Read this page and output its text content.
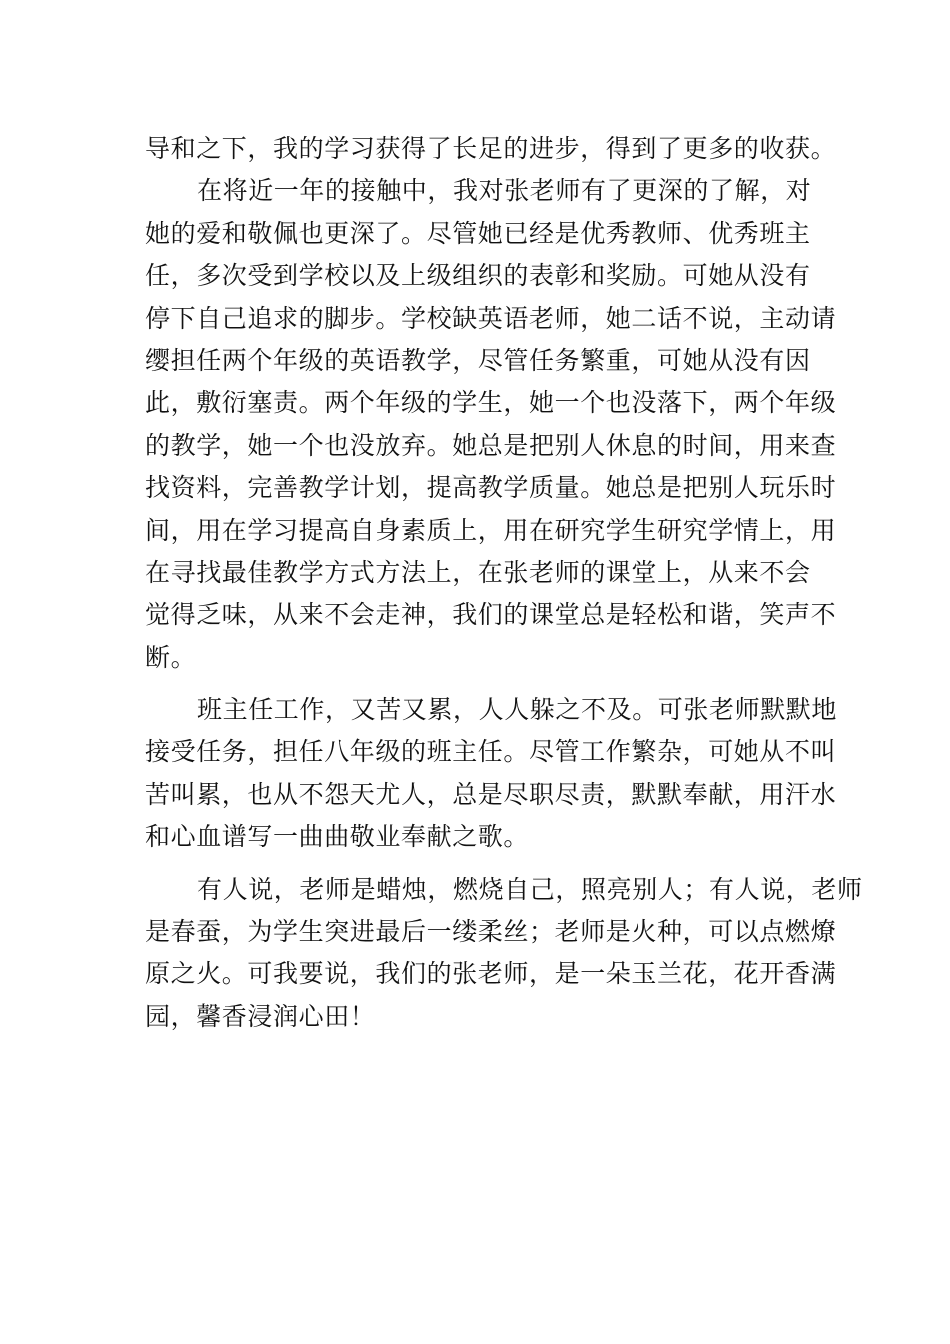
导和之下，我的学习获得了长足的进步，得到了更多的收获。
在将近一年的接触中，我对张老师有了更深的了解，对
她的爱和敬佩也更深了。尽管她已经是优秀教师、优秀班主
任，多次受到学校以及上级组织的表彰和奖励。可她从没有
停下自己追求的脚步。学校缺英语老师，她二话不说，主动请
缨担任两个年级的英语教学，尽管任务繁重，可她从没有因
此，敷衍塞责。两个年级的学生，她一个也没落下，两个年级
的教学，她一个也没放弃。她总是把别人休息的时间，用来查
找资料，完善教学计划，提高教学质量。她总是把别人玩乐时
间，用在学习提高自身素质上，用在研究学生研究学情上，用
在寻找最佳教学方式方法上，在张老师的课堂上，从来不会
觉得乏味，从来不会走神，我们的课堂总是轻松和谐，笑声不
断。
班主任工作，又苦又累，人人躲之不及。可张老师默默地
接受任务，担任八年级的班主任。尽管工作繁杂，可她从不叫
苦叫累，也从不怨天尤人，总是尽职尽责，默默奉献，用汗水
和心血谱写一曲曲敬业奉献之歌。
有人说，老师是蜡烛，燃烧自己，照亮别人；有人说，老师
是春蚕，为学生突进最后一缕柔丝；老师是火种，可以点燃燎
原之火。可我要说，我们的张老师，是一朵玉兰花，花开香满
园，馨香浸润心田！
